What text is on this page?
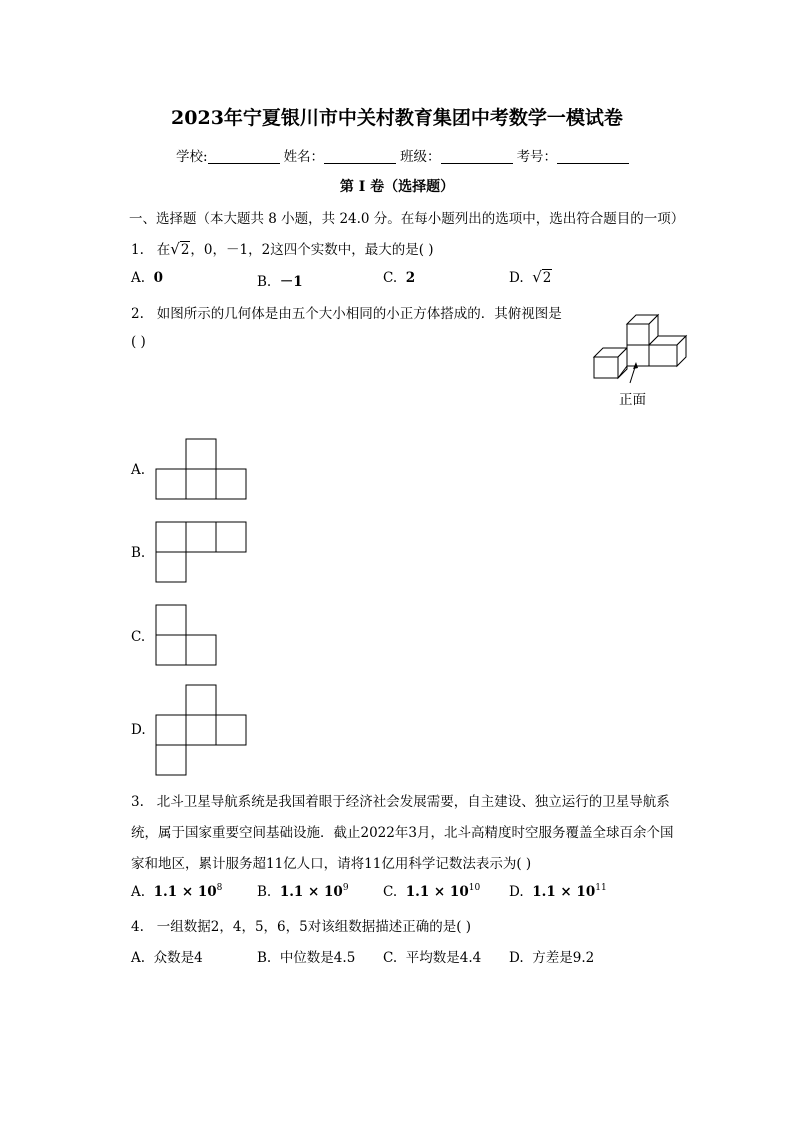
2023年宁夏银川市中关村教育集团中考数学一模试卷
学校:	姓名：	班级：	考号：
第 I 卷（选择题）
一、选择题（本大题共 8 小题，共 24.0 分。在每小题列出的选项中，选出符合题目的一项）
1. 在√2，0，－1，2这四个实数中，最大的是( )
A. 0	B. －1	C. 2	D. √2
2. 如图所示的几何体是由五个大小相同的小正方体搭成的．其俯视图是
( )
正面
A.
B.
C.
D.
3. 北斗卫星导航系统是我国着眼于经济社会发展需要，自主建设、独立运行的卫星导航系
统，属于国家重要空间基础设施．截止2022年3月，北斗高精度时空服务覆盖全球百余个国
家和地区，累计服务超11亿人口，请将11亿用科学记数法表示为( )
A. $1.1 \times 10^8$	B. $1.1 \times 10^9$	C. $1.1 \times 10^{10}$ D. $1.1 \times 10^{11}$
4. 一组数据2，4，5，6，5对该组数据描述正确的是( )
A. 众数是4	B. 中位数是4.5 C. 平均数是4.4 D. 方差是9.2
